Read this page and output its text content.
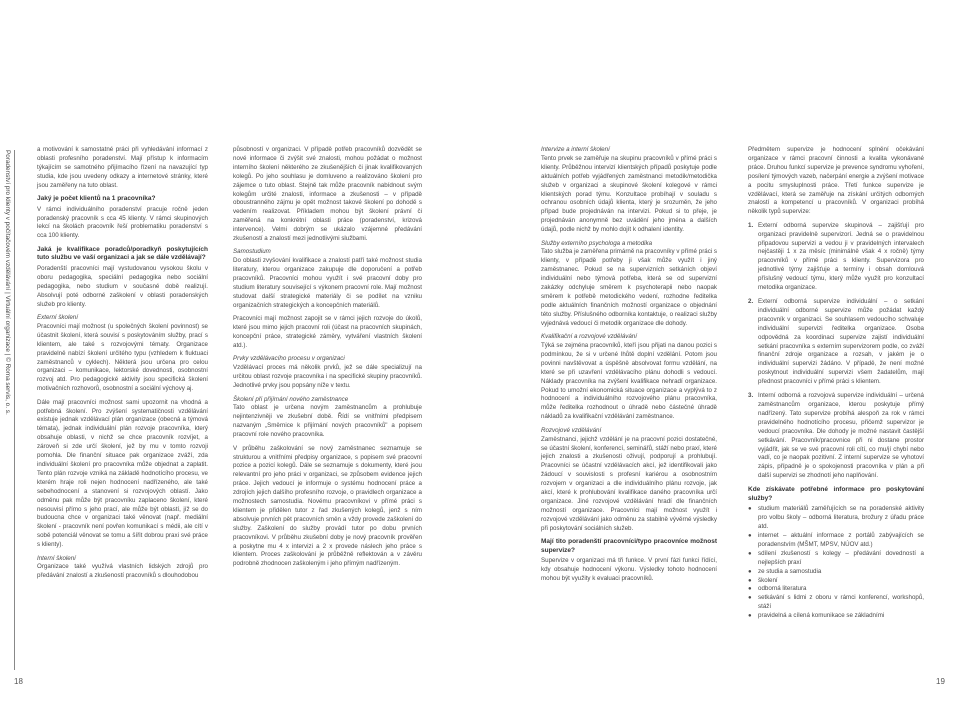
Poradenství pro klienty v počítačovém vzdělávání | Virtuální organizace | © Roma servis, o. s.

a motivování k samostatné práci při vyhledávání informací z oblasti profesního poradenství. Mají přístup k informacím týkajícím se samotného přijímacího řízení na navazující typ studia, kde jsou uvedeny odkazy a internetové stránky, které jsou zaměřeny na tuto oblast.

Jaký je počet klientů na 1 pracovníka?

V rámci individuálního poradenství pracuje ročně jeden poradenský pracovník s cca 45 klienty. V rámci skupinových lekcí na školách pracovník řeší problematiku poradenství s cca 100 klienty.

Jaká je kvalifikace poradců/poradkyň poskytujících tuto službu ve vaší organizaci a jak se dále vzdělávají?

Poradenští pracovníci mají vystudovanou vysokou školu v oboru pedagogika, speciální pedagogika nebo sociální pedagogika, nebo studium v současné době realizují. Absolvují poté odborné zaškolení v oblasti poradenských služeb pro klienty.

Externí školení

Pracovníci mají možnost (u společných školení povinnost) se účastnit školení, která souvisí s poskytováním služby, prací s klientem, ale také s rozvojovými tématy. Organizace pravidelně nabízí školení určitého typu (vzhledem k fluktuaci zaměstnanců v cyklech). Některá jsou určena pro celou organizaci – komunikace, lektorské dovednosti, osobnostní rozvoj atd. Pro pedagogické aktivity jsou specifická školení motivačních rozhovorů, osobnostní a sociální výchovy aj.

Dále mají pracovníci možnost sami upozornit na vhodná a potřebná školení. Pro zvýšení systematičnosti vzdělávání existuje jednak vzdělávací plán organizace (obecná a týmová témata), jednak individuální plán rozvoje pracovníka, který obsahuje oblasti, v nichž se chce pracovník rozvíjet, a zároveň si zde určí školení, jež by mu v tomto rozvoji pomohla. Dle finanční situace pak organizace zváží, zda individuální školení pro pracovníka může objednat a zaplatit. Tento plán rozvoje vzniká na základě hodnotícího procesu, ve kterém hraje roli nejen hodnocení nadřízeného, ale také sebehodnocení a stanovení si rozvojových oblastí. Jako odměnu pak může být pracovníku zaplaceno školení, které nesouvisí přímo s jeho prací, ale může být oblastí, jíž se do budoucna chce v organizaci také věnovat (např. mediální školení - pracovník není povřen komunikací s médii, ale cítí v sobě potenciál věnovat se tomu a šířit dobrou praxi své práce s klienty).

Interní školení

Organizace také využívá vlastních lidských zdrojů pro předávání znalostí a zkušeností pracovníků s dlouhodobou

působností v organizaci. V případě potřeb pracovníků dozvědět se nové informace či zvýšit své znalosti, mohou požádat o možnost interního školení některého ze zkušenějších či jinak kvalifikovaných kolegů. Po jeho souhlasu je domluveno a realizováno školení pro zájemce o tuto oblast. Stejně tak může pracovník nabídnout svým kolegům určité znalosti, informace a zkušenosti – v případě oboustranného zájmu je opět možnost takové školení po dohodě s vedením realizovat. Příkladem mohou být školení právní či zaměřená na konkrétní oblasti práce (poradenství, krizová intervence). Velmi dobrým se ukázalo vzájemné předávání zkušeností a znalostí mezi jednotlivými službami.

Samostudium

Do oblasti zvyšování kvalifikace a znalostí patří také možnost studia literatury, kterou organizace zakupuje dle doporučení a potřeb pracovníků. Pracovníci mohou využít i své pracovní doby pro studium literatury související s výkonem pracovní role. Mají možnost studovat další strategické materiály či se podílet na vzniku organizačních strategických a koncepčních materiálů.

Pracovníci mají možnost zapojit se v rámci jejich rozvoje do úkolů, které jsou mimo jejich pracovní roli (účast na pracovních skupinách, koncepční práce, strategické záměry, vytváření vlastních školení atd.).

Prvky vzdělávacího procesu v organizaci

Vzdělávací proces má několik prvků, jež se dále specializují na určitou oblast rozvoje pracovníka i na specifické skupiny pracovníků. Jednotlivé prvky jsou popsány níže v textu.

Školení při přijímání nového zaměstnance

Tato oblast je určena novým zaměstnancům a prohlubuje nejintenzivněji ve zkušební době. Řídí se vnitřními předpisem nazvaným „Směrnice k přijímání nových pracovníků" a popisem pracovní role nového pracovníka.

V průběhu zaškolování se nový zaměstnanec seznamuje se strukturou a vnitřními předpisy organizace, s popisem své pracovní pozice a pozicí kolegů. Dále se seznamuje s dokumenty, které jsou relevantní pro jeho práci v organizaci, se způsobem evidence jejich práce. Jejich vedoucí je informuje o systému hodnocení práce a zdrojích jejich dalšího profesního rozvoje, o pravidlech organizace a možnostech samostudia. Novému pracovníkovi v přímé práci s klientem je přidělen tutor z řad zkušených kolegů, jenž s ním absolvuje prvních pět pracovních směn a vždy provede zaškolení do služby. Zaškolení do služby provádí tutor po dobu prvních pracovníkovi. V průběhu zkušební doby je nový pracovník prověřen a poskytne mu 4 x intervizi a 2 x provede náslech jeho práce s klientem. Proces zaškolování je průběžně reflektován a v závěru podrobně zhodnocen zaškoleným i jeho přímým nadřízeným.

18

Intervize a interní školení

Tento prvek se zaměřuje na skupinu pracovníků v přímé práci s klienty. Průběžnou intervizí klientských případů poskytuje podle aktuálních potřeb vyjádřených zaměstnanci metodik/metodička služeb v organizaci a skupinové školení kolegové v rámci klientských porad týmu. Konzultace probíhají v souladu s ochranou osobních údajů klienta, který je srozuměn, že jeho případ bude projednáván na intervizi. Pokud si to přeje, je projednáván anonymně bez uvádění jeho jména a dalších údajů, podle nichž by mohlo dojít k odhalení identity.

Služby externího psychologa a metodika

Tato služba je zaměřena primárně na pracovníky v přímé práci s klienty, v případě potřeby ji však může využít i jiný zaměstnanec. Pokud se na supervizních setkáních objeví individuální nebo týmová potřeba, která se od supervizní zakázky odchyluje směrem k psychoterapii nebo naopak směrem k potřebě metodického vedení, rozhodne ředitelka podle aktuálních finančních možností organizace o objednání této služby. Příslušného odborníka kontaktuje, o realizaci služby vyjednává vedoucí či metodik organizace dle dohody.

Kvalifikační a rozvojové vzdělávání

Týká se zejména pracovníků, kteří jsou přijati na danou pozici s podmínkou, že si v určené lhůtě doplní vzdělání. Potom jsou povinni navštěvovat a úspěšně absolvovat formu vzdělání, na které se při uzavření vzdělávacího plánu dohodli s vedoucí. Náklady pracovníka na zvýšení kvalifikace nehradí organizace. Pokud to umožní ekonomická situace organizace a vyplývá to z hodnocení a individuálního rozvojového plánu pracovníka, může ředitelka rozhodnout o úhradě nebo částečné úhradě nákladů za kvalifikační vzdělávání zaměstnance.

Rozvojové vzdělávání

Zaměstnanci, jejichž vzdělání je na pracovní pozici dostatečné, se účastní školení, konferencí, seminářů, stáží nebo praxí, které jejich znalosti a zkušenosti oživují, podporují a prohlubují. Pracovníci se účastní vzdělávacích akcí, jež identifikovali jako žádoucí v souvislosti s profesní kariérou a osobnostním rozvojem v organizaci a dle individuálního plánu rozvoje, jak akcí, které k prohlubování kvalifikace daného pracovníka určí organizace. Jiné rozvojové vzdělávání hradí dle finančních možností organizace. Pracovníci mají možnost využít i rozvojové vzdělávání jako odměnu za stabilně vývěrné výsledky při poskytování sociálních služeb.

Mají tito poradenští pracovníci/typo pracovníce možnost supervize?

Supervize v organizaci má tři funkce. V první fázi funkci řídící, kdy obsahuje hodnocení výkonu. Výsledky tohoto hodnocení mohou být využity k evaluaci pracovníků.

Předmětem supervize je hodnocení splnění očekávání organizace v rámci pracovní činnosti a kvalita vykonávané práce. Druhou funkcí supervize je prevence syndromu vyhoření, posílení týmových vazeb, načerpání energie a zvýšení motivace a pocitu smysluplnosti práce. Třetí funkce supervize je vzdělávací, která se zaměřuje na získání určitých odborných znalostí a kompetencí u pracovníků. V organizaci probíhá několik typů supervize:

1. Externí odborná supervize skupinová – zajišťují pro organizaci pravidelně supervizorí. Jedná se o pravidelnou připadovou supervizi a vedou ji v pravidelných intervalech nejčastěji 1 x za měsíc (minimálně však 4 x ročně) týmy pracovníků v přímé práci s klienty. Supervizora pro jednotlivé týmy zajišťuje a termíny i obsah domlouvá příslušný vedoucí týmu, který může využít pro konzultací metodika organizace.
2. Externí odborná supervize individuální – o setkání individuální odborné supervize může požádat každý pracovník v organizaci. Se souhlasem vedoucího schvaluje individuální supervizi ředitelka organizace. Osoba odpovědná za koordinaci supervize zajistí individuální setkání pracovníka s externím supervizorem podle, co zváží finanční zdroje organizace a rozsah, v jakém je o individuální supervizi žádáno. V případě, že není možné poskytnout individuální supervizi všem žadatelům, mají přednost pracovníci v přímé práci s klientem.
3. Interní odborná a rozvojová supervize individuální – určená zaměstnancům organizace, kterou poskytuje přímý nadřízený. Tato supervize probíhá alespoň za rok v rámci pravidelného hodnotícího procesu, přičemž supervizor je vedoucí pracovníka. Dle dohody je možné nastavit častější setkávání. Pracovník/pracovnice při ni dostane prostor vyjádřit, jak se ve své pracovní roli cítí, co mu/jí chybí nebo vadí, co je naopak pozitivní. Z interní supervize se vyhotoví zápis, případně je o spokojenosti pracovníka v plán a při další supervizi se zhodnotí jeho naplňování.

Kde získávate potřebné informace pro poskytování služby?

● studium materiálů zaměřujících se na poradenské aktivity pro volbu školy – odborná literatura, brožury z úřadu práce atd.
● internet – aktuální informace z portálů zabývajících se poradenstvím (MŠMT, MPSV, NÚOV atd.)
● sdílení zkušeností s kolegy – předávání dovedností a nejlepších praxí
● ze studia a samostudia
● školení
● odborná literatura
● setkávání s lidmi z oboru v rámci konferencí, workshopů, stáží
● pravidelná a cílená komunikace se základními
19
